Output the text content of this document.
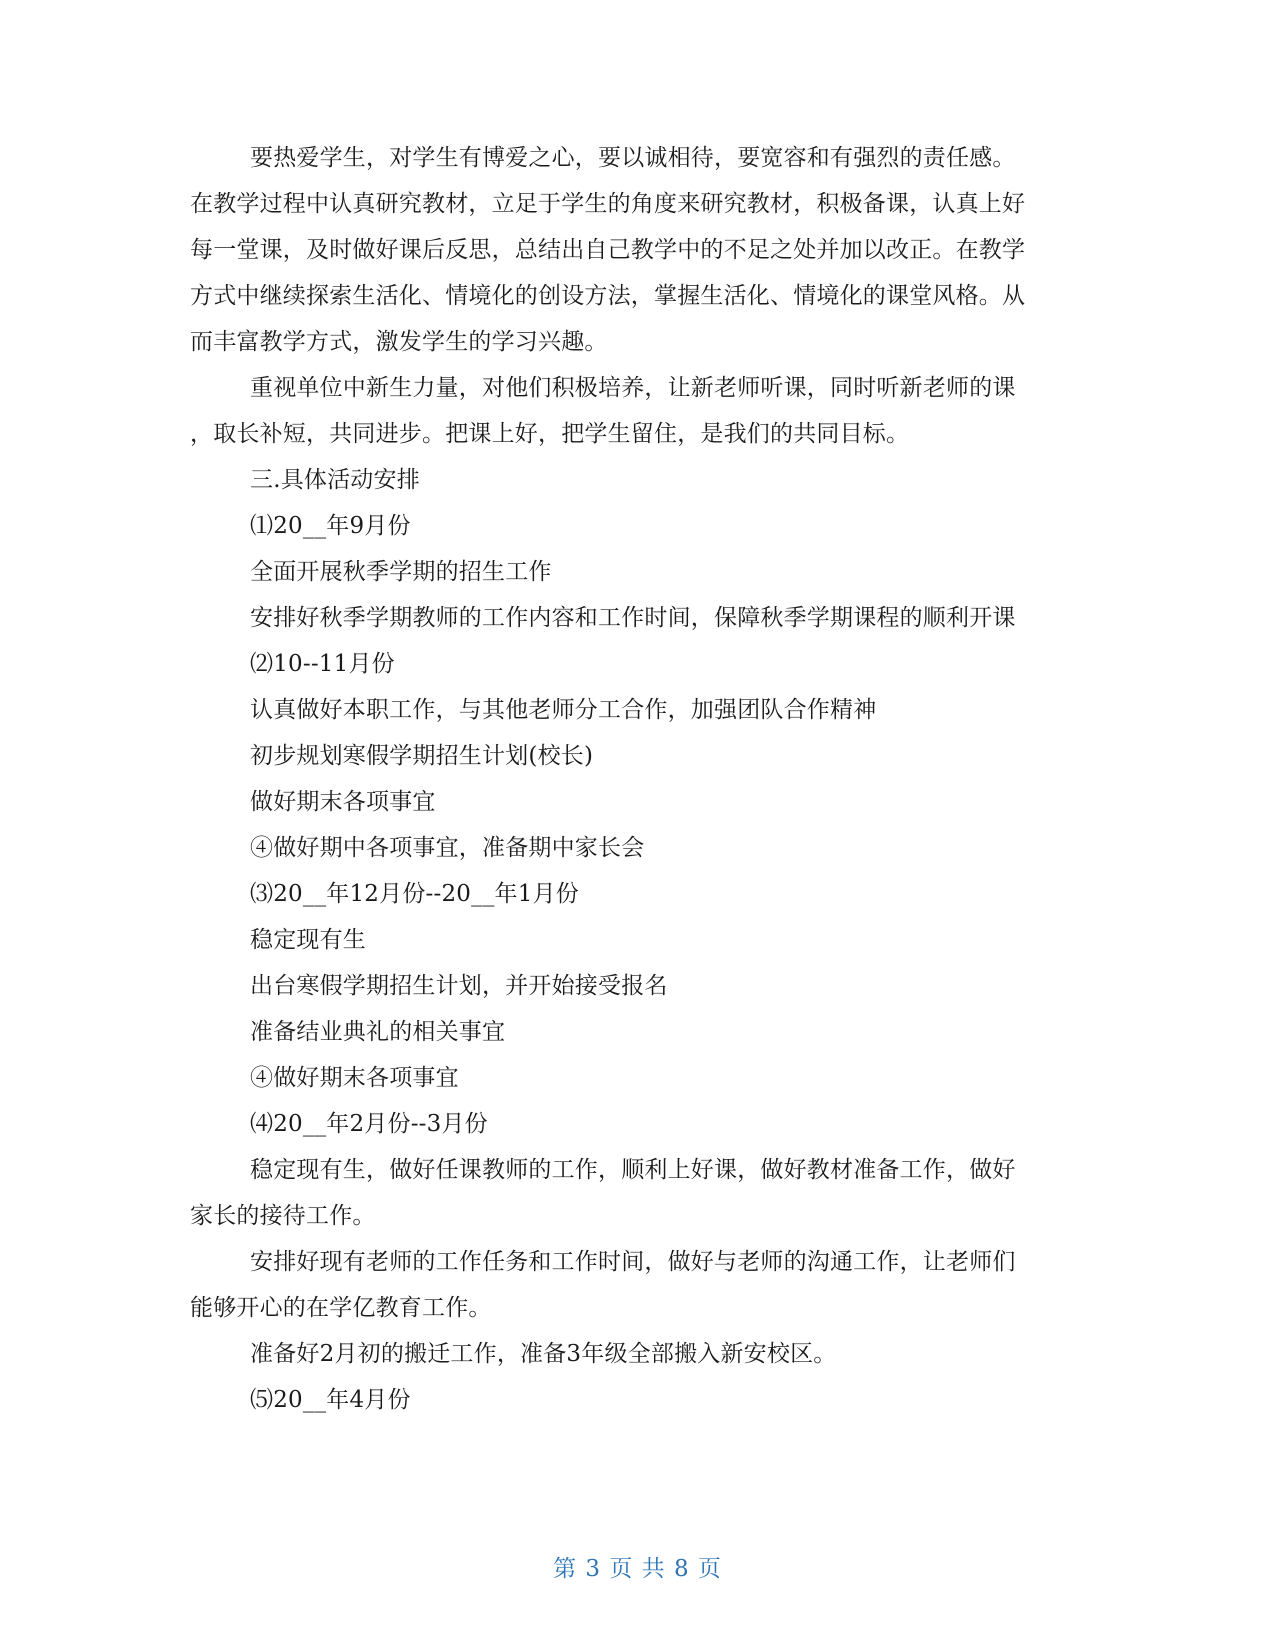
要热爱学生，对学生有博爱之心，要以诚相待，要宽容和有强烈的责任感。
在教学过程中认真研究教材，立足于学生的角度来研究教材，积极备课，认真上好
每一堂课，及时做好课后反思，总结出自己教学中的不足之处并加以改正。在教学
方式中继续探索生活化、情境化的创设方法，掌握生活化、情境化的课堂风格。从
而丰富教学方式，激发学生的学习兴趣。
重视单位中新生力量，对他们积极培养，让新老师听课，同时听新老师的课
，取长补短，共同进步。把课上好，把学生留住，是我们的共同目标。
三.具体活动安排
⑴20__年9月份
全面开展秋季学期的招生工作
安排好秋季学期教师的工作内容和工作时间，保障秋季学期课程的顺利开课
⑵10--11月份
认真做好本职工作，与其他老师分工合作，加强团队合作精神
初步规划寒假学期招生计划(校长)
做好期末各项事宜
④做好期中各项事宜，准备期中家长会
⑶20__年12月份--20__年1月份
稳定现有生
出台寒假学期招生计划，并开始接受报名
准备结业典礼的相关事宜
④做好期末各项事宜
⑷20__年2月份--3月份
稳定现有生，做好任课教师的工作，顺利上好课，做好教材准备工作，做好
家长的接待工作。
安排好现有老师的工作任务和工作时间，做好与老师的沟通工作，让老师们
能够开心的在学亿教育工作。
准备好2月初的搬迁工作，准备3年级全部搬入新安校区。
⑸20__年4月份
第 3 页 共 8 页
